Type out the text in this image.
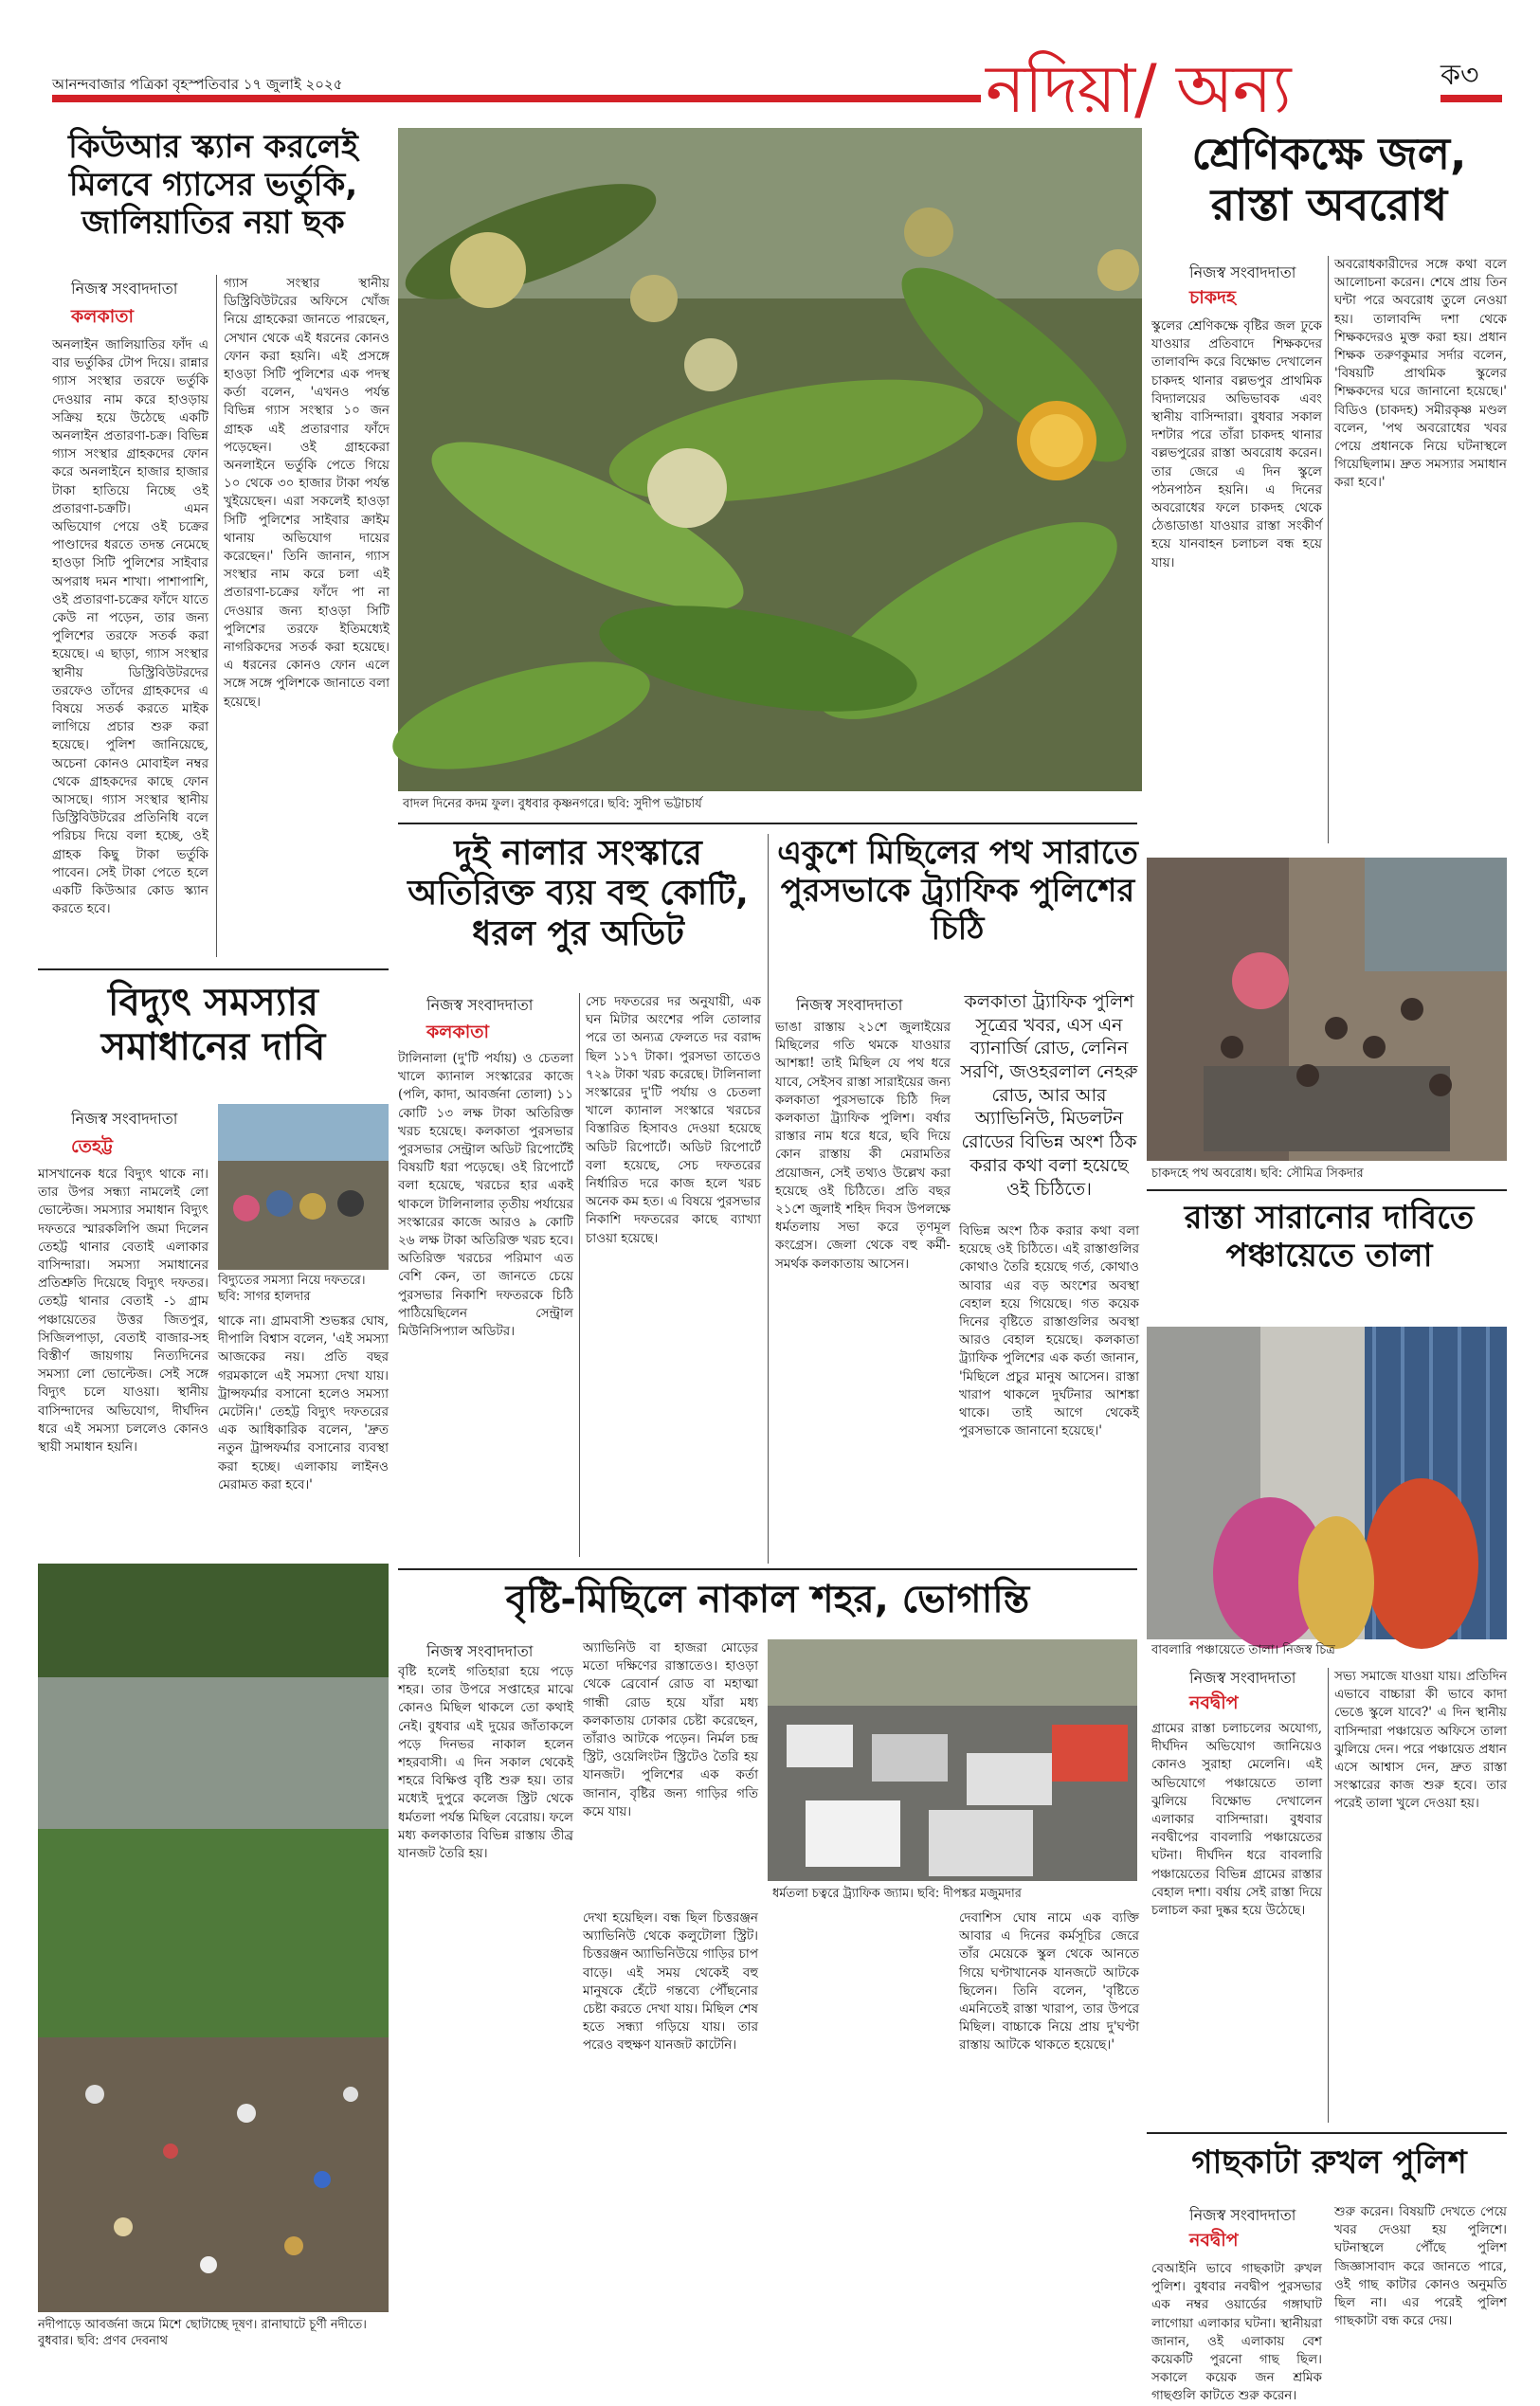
আনন্দবাজার পত্রিকা বৃহস্পতিবার ১৭ জুলাই ২০২৫	নদিয়া/ অন্য	ক৩
কিউআর স্ক্যান করলেই মিলবে গ্যাসের ভর্তুকি, জালিয়াতির নয়া ছক
নিজস্ব সংবাদদাতা
কলকাতা
অনলাইন জালিয়াতির ফাঁদ এ বার ভর্তুকির টোপ দিয়ে। রান্নার গ্যাস সংস্থার তরফে ভর্তুকি দেওয়ার নাম করে হাওড়ায় সক্রিয় হয়ে উঠেছে একটি অনলাইন প্রতারণা-চক্র। বিভিন্ন গ্যাস সংস্থার গ্রাহকদের ফোন করে অনলাইনে হাজার হাজার টাকা হাতিয়ে নিচ্ছে ওই প্রতারণা-চক্রটি। এমন অভিযোগ পেয়ে ওই চক্রের পাণ্ডাদের ধরতে তদন্ত নেমেছে হাওড়া সিটি পুলিশের সাইবার অপরাধ দমন শাখা। পাশাপাশি, ওই প্রতারণা-চক্রের ফাঁদে যাতে কেউ না পড়েন, তার জন্য পুলিশের তরফে সতর্ক করা হয়েছে। এ ছাড়া, গ্যাস সংস্থার স্থানীয় ডিস্ট্রিবিউটরদের তরফেও তাঁদের গ্রাহকদের এ বিষয়ে সতর্ক করতে মাইক লাগিয়ে প্রচার শুরু করা হয়েছে। পুলিশ জানিয়েছে, অচেনা কোনও মোবাইল নম্বর থেকে গ্রাহকদের কাছে ফোন আসছে। গ্যাস সংস্থার স্থানীয় ডিস্ট্রিবিউটরের প্রতিনিধি বলে পরিচয় দিয়ে বলা হচ্ছে, ওই গ্রাহক কিছু টাকা ভর্তুকি পাবেন। সেই টাকা পেতে হলে একটি কিউআর কোড স্ক্যান করতে হবে।
গ্যাস সংস্থার স্থানীয় ডিস্ট্রিবিউটরের অফিসে খোঁজ নিয়ে গ্রাহকেরা জানতে পারছেন, সেখান থেকে এই ধরনের কোনও ফোন করা হয়নি। এই প্রসঙ্গে হাওড়া সিটি পুলিশের এক পদস্থ কর্তা বলেন, 'এখনও পর্যন্ত বিভিন্ন গ্যাস সংস্থার ১০ জন গ্রাহক এই প্রতারণার ফাঁদে পড়েছেন। ওই গ্রাহকেরা অনলাইনে ভর্তুকি পেতে গিয়ে ১০ থেকে ৩০ হাজার টাকা পর্যন্ত খুইয়েছেন। এরা সকলেই হাওড়া সিটি পুলিশের সাইবার ক্রাইম থানায় অভিযোগ দায়ের করেছেন।' তিনি জানান, গ্যাস সংস্থার নাম করে চলা এই প্রতারণা-চক্রের ফাঁদে পা না দেওয়ার জন্য হাওড়া সিটি পুলিশের তরফে ইতিমধ্যেই নাগরিকদের সতর্ক করা হয়েছে। এ ধরনের কোনও ফোন এলে সঙ্গে সঙ্গে পুলিশকে জানাতে বলা হয়েছে।
বাদল দিনের কদম ফুল। বুধবার কৃষ্ণনগরে। ছবি: সুদীপ ভট্টাচার্য
শ্রেণিকক্ষে জল, রাস্তা অবরোধ
নিজস্ব সংবাদদাতা
চাকদহ
স্কুলের শ্রেণিকক্ষে বৃষ্টির জল ঢুকে যাওয়ার প্রতিবাদে শিক্ষকদের তালাবন্দি করে বিক্ষোভ দেখালেন চাকদহ থানার বল্লভপুর প্রাথমিক বিদ্যালয়ের অভিভাবক এবং স্থানীয় বাসিন্দারা। বুধবার সকাল দশটার পরে তাঁরা চাকদহ থানার বল্লভপুরের রাস্তা অবরোধ করেন। তার জেরে এ দিন স্কুলে পঠনপাঠন হয়নি। এ দিনের অবরোধের ফলে চাকদহ থেকে ঠেঙাডাঙা যাওয়ার রাস্তা সংকীর্ণ হয়ে যানবাহন চলাচল বন্ধ হয়ে যায়।
অবরোধকারীদের সঙ্গে কথা বলে আলোচনা করেন। শেষে প্রায় তিন ঘন্টা পরে অবরোধ তুলে নেওয়া হয়। তালাবন্দি দশা থেকে শিক্ষকদেরও মুক্ত করা হয়। প্রধান শিক্ষক তরুণকুমার সর্দার বলেন, 'বিষয়টি প্রাথমিক স্কুলের শিক্ষকদের ঘরে জানানো হয়েছে।' বিডিও (চাকদহ) সমীরকৃষ্ণ মণ্ডল বলেন, 'পথ অবরোধের খবর পেয়ে প্রধানকে নিয়ে ঘটনাস্থলে গিয়েছিলাম। দ্রুত সমস্যার সমাধান করা হবে।'
চাকদহে পথ অবরোধ। ছবি: সৌমিত্র সিকদার
রাস্তা সারানোর দাবিতে পঞ্চায়েতে তালা
বাবলারি পঞ্চায়েতে তালা। নিজস্ব চিত্র
নিজস্ব সংবাদদাতা
নবদ্বীপ
গ্রামের রাস্তা চলাচলের অযোগ্য, দীর্ঘদিন অভিযোগ জানিয়েও কোনও সুরাহা মেলেনি। এই অভিযোগে পঞ্চায়েতে তালা ঝুলিয়ে বিক্ষোভ দেখালেন এলাকার বাসিন্দারা। বুধবার নবদ্বীপের বাবলারি পঞ্চায়েতের ঘটনা। দীর্ঘদিন ধরে বাবলারি পঞ্চায়েতের বিভিন্ন গ্রামের রাস্তার বেহাল দশা। বর্ষায় সেই রাস্তা দিয়ে চলাচল করা দুষ্কর হয়ে উঠেছে।
সভ্য সমাজে যাওয়া যায়। প্রতিদিন এভাবে বাচ্চারা কী ভাবে কাদা ভেঙে স্কুলে যাবে?' এ দিন স্থানীয় বাসিন্দারা পঞ্চায়েত অফিসে তালা ঝুলিয়ে দেন। পরে পঞ্চায়েত প্রধান এসে আশ্বাস দেন, দ্রুত রাস্তা সংস্কারের কাজ শুরু হবে। তার পরেই তালা খুলে দেওয়া হয়।
গাছকাটা রুখল পুলিশ
নিজস্ব সংবাদদাতা
নবদ্বীপ
বেআইনি ভাবে গাছকাটা রুখল পুলিশ। বুধবার নবদ্বীপ পুরসভার এক নম্বর ওয়ার্ডের গঙ্গাঘাট লাগোয়া এলাকার ঘটনা। স্থানীয়রা জানান, ওই এলাকায় বেশ কয়েকটি পুরনো গাছ ছিল। সকালে কয়েক জন শ্রমিক গাছগুলি কাটতে শুরু করেন।
শুরু করেন। বিষয়টি দেখতে পেয়ে খবর দেওয়া হয় পুলিশে। ঘটনাস্থলে পৌঁছে পুলিশ জিজ্ঞাসাবাদ করে জানতে পারে, ওই গাছ কাটার কোনও অনুমতি ছিল না। এর পরেই পুলিশ গাছকাটা বন্ধ করে দেয়।
বিদ্যুৎ সমস্যার সমাধানের দাবি
নিজস্ব সংবাদদাতা
তেহট্ট
বিদ্যুতের সমস্যা নিয়ে দফতরে। ছবি: সাগর হালদার
মাসখানেক ধরে বিদ্যুৎ থাকে না। তার উপর সন্ধ্যা নামলেই লো ভোল্টেজ। সমস্যার সমাধান বিদ্যুৎ দফতরে স্মারকলিপি জমা দিলেন তেহট্ট থানার বেতাই এলাকার বাসিন্দারা। সমস্যা সমাধানের প্রতিশ্রুতি দিয়েছে বিদ্যুৎ দফতর। তেহট্ট থানার বেতাই -১ গ্রাম পঞ্চায়েতের উত্তর জিতপুর, সিজিলপাড়া, বেতাই বাজার-সহ বিস্তীর্ণ জায়গায় নিত্যদিনের সমস্যা লো ভোল্টেজ। সেই সঙ্গে বিদ্যুৎ চলে যাওয়া। স্থানীয় বাসিন্দাদের অভিযোগ, দীর্ঘদিন ধরে এই সমস্যা চললেও কোনও স্থায়ী সমাধান হয়নি।
থাকে না। গ্রামবাসী শুভঙ্কর ঘোষ, দীপালি বিশ্বাস বলেন, 'এই সমস্যা আজকের নয়। প্রতি বছর গরমকালে এই সমস্যা দেখা যায়। ট্রান্সফর্মার বসানো হলেও সমস্যা মেটেনি।' তেহট্ট বিদ্যুৎ দফতরের এক আধিকারিক বলেন, 'দ্রুত নতুন ট্রান্সফর্মার বসানোর ব্যবস্থা করা হচ্ছে। এলাকায় লাইনও মেরামত করা হবে।'
নদীপাড়ে আবর্জনা জমে মিশে ছোটাচ্ছে দূষণ। রানাঘাটে চূর্ণী নদীতে। বুধবার। ছবি: প্রণব দেবনাথ
দুই নালার সংস্কারে অতিরিক্ত ব্যয় বহু কোটি, ধরল পুর অডিট
নিজস্ব সংবাদদাতা
কলকাতা
টালিনালা (দু'টি পর্যায়) ও চেতলা খালে ক্যানাল সংস্কারের কাজে (পলি, কাদা, আবর্জনা তোলা) ১১ কোটি ১৩ লক্ষ টাকা অতিরিক্ত খরচ হয়েছে। কলকাতা পুরসভার পুরসভার সেন্ট্রাল অডিট রিপোর্টেই বিষয়টি ধরা পড়েছে। ওই রিপোর্টে বলা হয়েছে, খরচের হার একই থাকলে টালিনালার তৃতীয় পর্যায়ের সংস্কারের কাজে আরও ৯ কোটি ২৬ লক্ষ টাকা অতিরিক্ত খরচ হবে। অতিরিক্ত খরচের পরিমাণ এত বেশি কেন, তা জানতে চেয়ে পুরসভার নিকাশি দফতরকে চিঠি পাঠিয়েছিলেন সেন্ট্রাল মিউনিসিপ্যাল অডিটর।
সেচ দফতরের দর অনুযায়ী, এক ঘন মিটার অংশের পলি তোলার পরে তা অন্যত্র ফেলতে দর বরাদ্দ ছিল ১১৭ টাকা। পুরসভা তাতেও ৭২৯ টাকা খরচ করেছে। টালিনালা সংস্কারের দু'টি পর্যায় ও চেতলা খালে ক্যানাল সংস্কারে খরচের বিস্তারিত হিসাবও দেওয়া হয়েছে অডিট রিপোর্টে। অডিট রিপোর্টে বলা হয়েছে, সেচ দফতরের নির্ধারিত দরে কাজ হলে খরচ অনেক কম হত। এ বিষয়ে পুরসভার নিকাশি দফতরের কাছে ব্যাখ্যা চাওয়া হয়েছে।
একুশে মিছিলের পথ সারাতে পুরসভাকে ট্র্যাফিক পুলিশের চিঠি
নিজস্ব সংবাদদাতা
ভাঙা রাস্তায় ২১শে জুলাইয়ের মিছিলের গতি থমকে যাওয়ার আশঙ্কা! তাই মিছিল যে পথ ধরে যাবে, সেইসব রাস্তা সারাইয়ের জন্য কলকাতা পুরসভাকে চিঠি দিল কলকাতা ট্র্যাফিক পুলিশ। বর্ষার রাস্তার নাম ধরে ধরে, ছবি দিয়ে কোন রাস্তায় কী মেরামতির প্রয়োজন, সেই তথ্যও উল্লেখ করা হয়েছে ওই চিঠিতে। প্রতি বছর ২১শে জুলাই শহিদ দিবস উপলক্ষে ধর্মতলায় সভা করে তৃণমূল কংগ্রেস। জেলা থেকে বহু কর্মী-সমর্থক কলকাতায় আসেন।
কলকাতা ট্র্যাফিক পুলিশ সূত্রের খবর, এস এন ব্যানার্জি রোড, লেনিন সরণি, জওহরলাল নেহরু রোড, আর আর অ্যাভিনিউ, মিডলটন রোডের বিভিন্ন অংশ ঠিক করার কথা বলা হয়েছে ওই চিঠিতে।
বিভিন্ন অংশ ঠিক করার কথা বলা হয়েছে ওই চিঠিতে। এই রাস্তাগুলির কোথাও তৈরি হয়েছে গর্ত, কোথাও আবার এর বড় অংশের অবস্থা বেহাল হয়ে গিয়েছে। গত কয়েক দিনের বৃষ্টিতে রাস্তাগুলির অবস্থা আরও বেহাল হয়েছে। কলকাতা ট্র্যাফিক পুলিশের এক কর্তা জানান, 'মিছিলে প্রচুর মানুষ আসেন। রাস্তা খারাপ থাকলে দুর্ঘটনার আশঙ্কা থাকে। তাই আগে থেকেই পুরসভাকে জানানো হয়েছে।'
বৃষ্টি-মিছিলে নাকাল শহর, ভোগান্তি
নিজস্ব সংবাদদাতা
বৃষ্টি হলেই গতিহারা হয়ে পড়ে শহর। তার উপরে সপ্তাহের মাঝে কোনও মিছিল থাকলে তো কথাই নেই। বুধবার এই দুয়ের জাঁতাকলে পড়ে দিনভর নাকাল হলেন শহরবাসী। এ দিন সকাল থেকেই শহরে বিক্ষিপ্ত বৃষ্টি শুরু হয়। তার মধ্যেই দুপুরে কলেজ স্ট্রিট থেকে ধর্মতলা পর্যন্ত মিছিল বেরোয়। ফলে মধ্য কলকাতার বিভিন্ন রাস্তায় তীব্র যানজট তৈরি হয়।
অ্যাভিনিউ বা হাজরা মোড়ের মতো দক্ষিণের রাস্তাতেও। হাওড়া থেকে ব্রেবোর্ন রোড বা মহাত্মা গান্ধী রোড হয়ে যাঁরা মধ্য কলকাতায় ঢোকার চেষ্টা করেছেন, তাঁরাও আটকে পড়েন। নির্মল চন্দ্র স্ট্রিট, ওয়েলিংটন স্ট্রিটেও তৈরি হয় যানজট। পুলিশের এক কর্তা জানান, বৃষ্টির জন্য গাড়ির গতি কমে যায়।
ধর্মতলা চত্বরে ট্র্যাফিক জ্যাম। ছবি: দীপঙ্কর মজুমদার
দেখা হয়েছিল। বন্ধ ছিল চিত্তরঞ্জন অ্যাভিনিউ থেকে কলুটোলা স্ট্রিট। চিত্তরঞ্জন অ্যাভিনিউয়ে গাড়ির চাপ বাড়ে। এই সময় থেকেই বহু মানুষকে হেঁটে গন্তব্যে পৌঁছনোর চেষ্টা করতে দেখা যায়। মিছিল শেষ হতে সন্ধ্যা গড়িয়ে যায়। তার পরেও বহুক্ষণ যানজট কাটেনি।
দেবাশিস ঘোষ নামে এক ব্যক্তি আবার এ দিনের কর্মসূচির জেরে তাঁর মেয়েকে স্কুল থেকে আনতে গিয়ে ঘণ্টাখানেক যানজটে আটকে ছিলেন। তিনি বলেন, 'বৃষ্টিতে এমনিতেই রাস্তা খারাপ, তার উপরে মিছিল। বাচ্চাকে নিয়ে প্রায় দু'ঘণ্টা রাস্তায় আটকে থাকতে হয়েছে।'
